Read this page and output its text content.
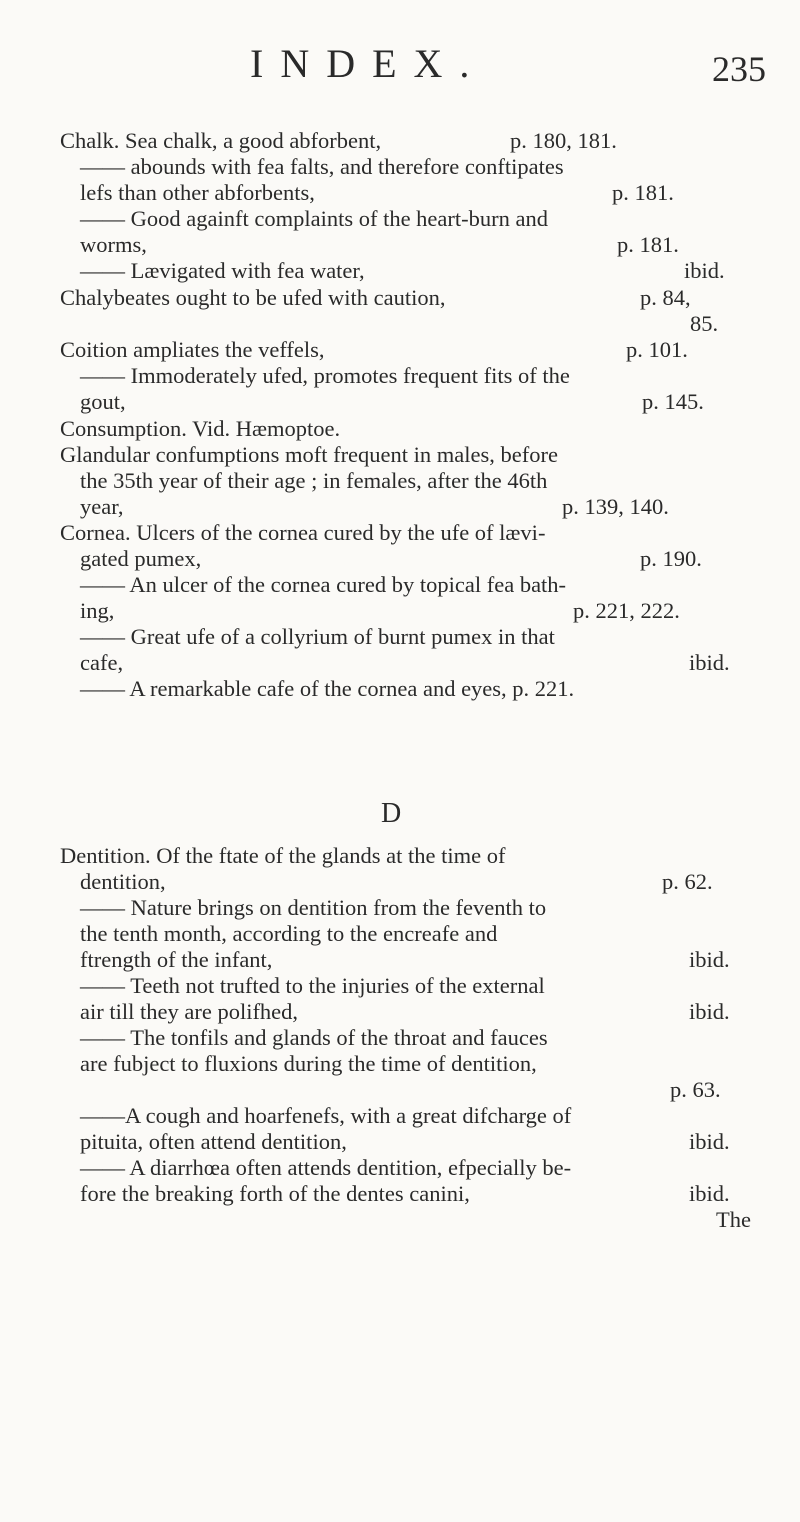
INDEX.	235
D
Chalk. Sea chalk, a good abforbent,	p. 180, 181.
—— abounds with fea falts, and therefore conftipates
lefs than other abforbents,	p. 181.
—— Good againft complaints of the heart-burn and
worms,	p. 181.
—— Lævigated with fea water,	ibid.
Chalybeates ought to be ufed with caution,	p. 84,
85.
Coition ampliates the veffels,	p. 101.
—— Immoderately ufed, promotes frequent fits of the
gout,	p. 145.
Consumption. Vid. Hæmoptoe.
Glandular confumptions moft frequent in males, before
the 35th year of their age ; in females, after the 46th
year,	p. 139, 140.
Cornea. Ulcers of the cornea cured by the ufe of lævi-
gated pumex,	p. 190.
—— An ulcer of the cornea cured by topical fea bath-
ing,	p. 221, 222.
—— Great ufe of a collyrium of burnt pumex in that
cafe,	ibid.
—— A remarkable cafe of the cornea and eyes, p. 221.
Dentition. Of the ftate of the glands at the time of
dentition,	p. 62.
—— Nature brings on dentition from the feventh to
the tenth month, according to the encreafe and
ftrength of the infant,	ibid.
—— Teeth not trufted to the injuries of the external
air till they are polifhed,	ibid.
—— The tonfils and glands of the throat and fauces
are fubject to fluxions during the time of dentition,
p. 63.
——A cough and hoarfenefs, with a great difcharge of
pituita, often attend dentition,	ibid.
—— A diarrhœa often attends dentition, efpecially be-
fore the breaking forth of the dentes canini,	ibid.
The
